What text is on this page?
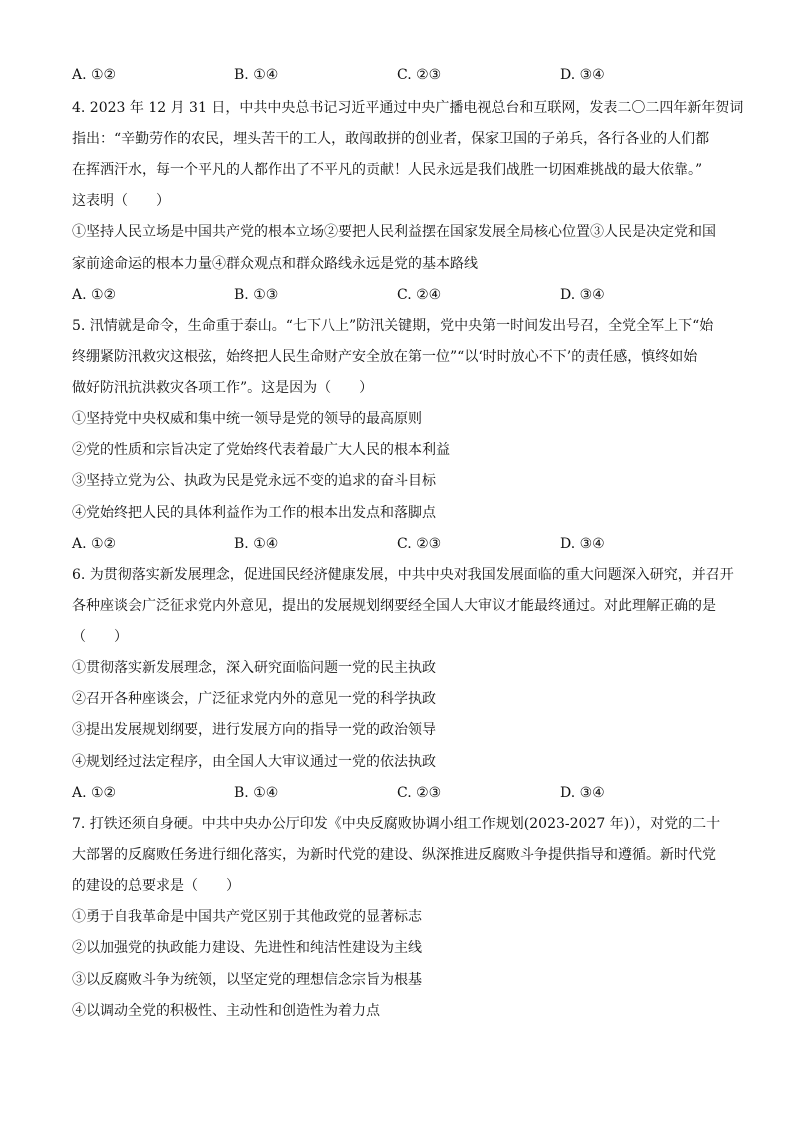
A. ①②	B. ①④	C. ②③	D. ③④
4. 2023 年 12 月 31 日，中共中央总书记习近平通过中央广播电视总台和互联网，发表二〇二四年新年贺词
指出：“辛勤劳作的农民，埋头苦干的工人，敢闯敢拼的创业者，保家卫国的子弟兵，各行各业的人们都
在挥洒汗水，每一个平凡的人都作出了不平凡的贡献！人民永远是我们战胜一切困难挑战的最大依靠。”
这表明（　　）
①坚持人民立场是中国共产党的根本立场②要把人民利益摆在国家发展全局核心位置③人民是决定党和国
家前途命运的根本力量④群众观点和群众路线永远是党的基本路线
A. ①②	B. ①③	C. ②④	D. ③④
5. 汛情就是命令，生命重于泰山。“七下八上”防汛关键期，党中央第一时间发出号召，全党全军上下“始
终绷紧防汛救灾这根弦，始终把人民生命财产安全放在第一位”“以‘时时放心不下’的责任感，慎终如始
做好防汛抗洪救灾各项工作”。这是因为（　　）
①坚持党中央权威和集中统一领导是党的领导的最高原则
②党的性质和宗旨决定了党始终代表着最广大人民的根本利益
③坚持立党为公、执政为民是党永远不变的追求的奋斗目标
④党始终把人民的具体利益作为工作的根本出发点和落脚点
A. ①②	B. ①④	C. ②③	D. ③④
6. 为贯彻落实新发展理念，促进国民经济健康发展，中共中央对我国发展面临的重大问题深入研究，并召开
各种座谈会广泛征求党内外意见，提出的发展规划纲要经全国人大审议才能最终通过。对此理解正确的是
（　　）
①贯彻落实新发展理念，深入研究面临问题一党的民主执政
②召开各种座谈会，广泛征求党内外的意见一党的科学执政
③提出发展规划纲要，进行发展方向的指导一党的政治领导
④规划经过法定程序，由全国人大审议通过一党的依法执政
A. ①②	B. ①④	C. ②③	D. ③④
7. 打铁还须自身硬。中共中央办公厅印发《中央反腐败协调小组工作规划(2023-2027 年)），对党的二十
大部署的反腐败任务进行细化落实，为新时代党的建设、纵深推进反腐败斗争提供指导和遵循。新时代党
的建设的总要求是（　　）
①勇于自我革命是中国共产党区别于其他政党的显著标志
②以加强党的执政能力建设、先进性和纯洁性建设为主线
③以反腐败斗争为统领，以坚定党的理想信念宗旨为根基
④以调动全党的积极性、主动性和创造性为着力点
